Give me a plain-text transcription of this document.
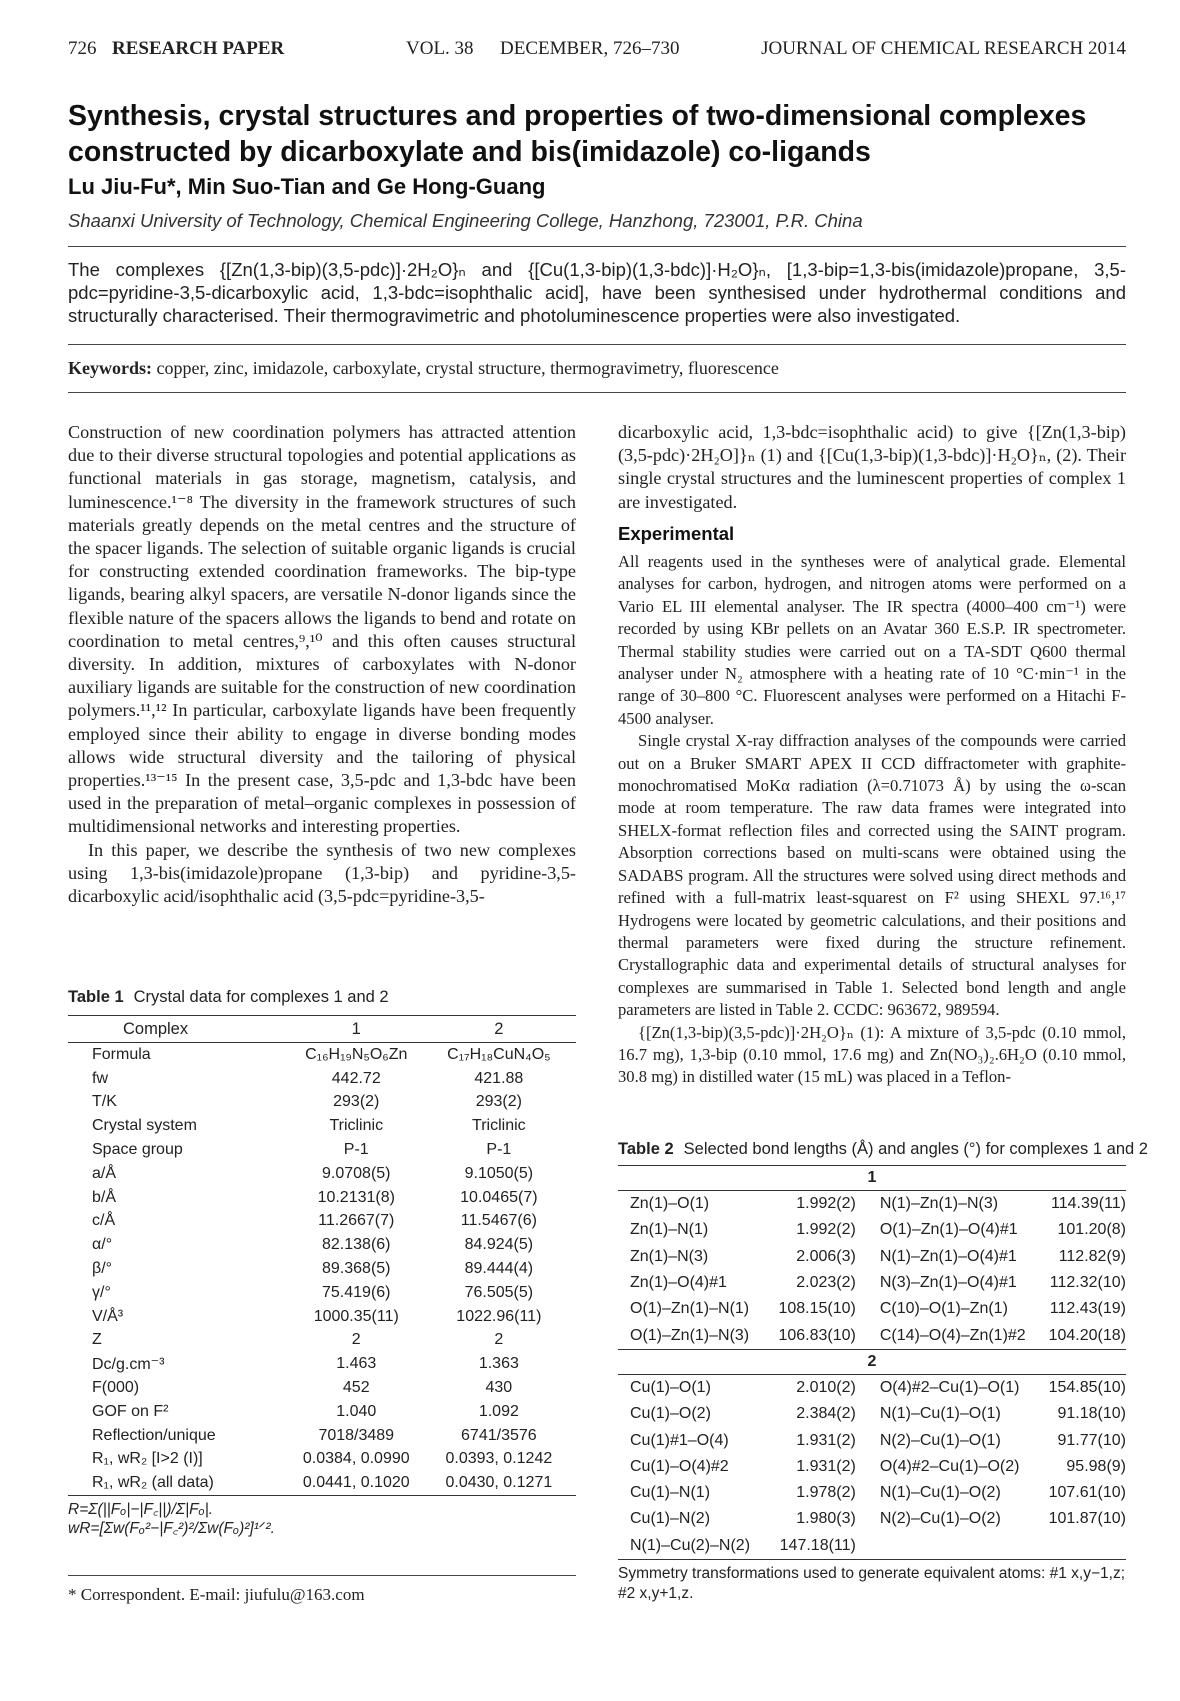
726 RESEARCH PAPER	VOL. 38 DECEMBER, 726–730	JOURNAL OF CHEMICAL RESEARCH 2014
Synthesis, crystal structures and properties of two-dimensional complexes constructed by dicarboxylate and bis(imidazole) co-ligands
Lu Jiu-Fu*, Min Suo-Tian and Ge Hong-Guang
Shaanxi University of Technology, Chemical Engineering College, Hanzhong, 723001, P.R. China

The complexes {[Zn(1,3-bip)(3,5-pdc)]·2H₂O}ₙ and {[Cu(1,3-bip)(1,3-bdc)]·H₂O}ₙ, [1,3-bip=1,3-bis(imidazole)propane, 3,5-pdc=pyridine-3,5-dicarboxylic acid, 1,3-bdc=isophthalic acid], have been synthesised under hydrothermal conditions and structurally characterised. Their thermogravimetric and photoluminescence properties were also investigated.

Keywords: copper, zinc, imidazole, carboxylate, crystal structure, thermogravimetry, fluorescence

Construction of new coordination polymers has attracted attention due to their diverse structural topologies and potential applications as functional materials in gas storage, magnetism, catalysis, and luminescence.¹⁻⁸ The diversity in the framework structures of such materials greatly depends on the metal centres and the structure of the spacer ligands. The selection of suitable organic ligands is crucial for constructing extended coordination frameworks. The bip-type ligands, bearing alkyl spacers, are versatile N-donor ligands since the flexible nature of the spacers allows the ligands to bend and rotate on coordination to metal centres,⁹,¹⁰ and this often causes structural diversity. In addition, mixtures of carboxylates with N-donor auxiliary ligands are suitable for the construction of new coordination polymers.¹¹,¹² In particular, carboxylate ligands have been frequently employed since their ability to engage in diverse bonding modes allows wide structural diversity and the tailoring of physical properties.¹³⁻¹⁵ In the present case, 3,5-pdc and 1,3-bdc have been used in the preparation of metal–organic complexes in possession of multidimensional networks and interesting properties.

In this paper, we describe the synthesis of two new complexes using 1,3-bis(imidazole)propane (1,3-bip) and pyridine-3,5-dicarboxylic acid/isophthalic acid (3,5-pdc=pyridine-3,5-

dicarboxylic acid, 1,3-bdc=isophthalic acid) to give {[Zn(1,3-bip)(3,5-pdc)·2H₂O]}ₙ (1) and {[Cu(1,3-bip)(1,3-bdc)]·H₂O}ₙ, (2). Their single crystal structures and the luminescent properties of complex 1 are investigated.

Experimental

All reagents used in the syntheses were of analytical grade. Elemental analyses for carbon, hydrogen, and nitrogen atoms were performed on a Vario EL III elemental analyser. The IR spectra (4000–400 cm⁻¹) were recorded by using KBr pellets on an Avatar 360 E.S.P. IR spectrometer. Thermal stability studies were carried out on a TA-SDT Q600 thermal analyser under N₂ atmosphere with a heating rate of 10 °C·min⁻¹ in the range of 30–800 °C. Fluorescent analyses were performed on a Hitachi F-4500 analyser.

Single crystal X-ray diffraction analyses of the compounds were carried out on a Bruker SMART APEX II CCD diffractometer with graphite-monochromatised MoKα radiation (λ=0.71073 Å) by using the ω-scan mode at room temperature. The raw data frames were integrated into SHELX-format reflection files and corrected using the SAINT program. Absorption corrections based on multi-scans were obtained using the SADABS program. All the structures were solved using direct methods and refined with a full-matrix least-squarest on F² using SHEXL 97.¹⁶,¹⁷ Hydrogens were located by geometric calculations, and their positions and thermal parameters were fixed during the structure refinement. Crystallographic data and experimental details of structural analyses for complexes are summarised in Table 1. Selected bond length and angle parameters are listed in Table 2. CCDC: 963672, 989594.

{[Zn(1,3-bip)(3,5-pdc)]·2H₂O}ₙ (1): A mixture of 3,5-pdc (0.10 mmol, 16.7 mg), 1,3-bip (0.10 mmol, 17.6 mg) and Zn(NO₃)₂.6H₂O (0.10 mmol, 30.8 mg) in distilled water (15 mL) was placed in a Teflon-

Table 1 Crystal data for complexes 1 and 2
Complex	1	2
Formula	C₁₆H₁₉N₅O₆Zn	C₁₇H₁₈CuN₄O₅
fw	442.72	421.88
T/K	293(2)	293(2)
Crystal system	Triclinic	Triclinic
Space group	P-1	P-1
a/Å	9.0708(5)	9.1050(5)
b/Å	10.2131(8)	10.0465(7)
c/Å	11.2667(7)	11.5467(6)
α/°	82.138(6)	84.924(5)
β/°	89.368(5)	89.444(4)
γ/°	75.419(6)	76.505(5)
V/Å³	1000.35(11)	1022.96(11)
Z	2	2
Dc/g.cm⁻³	1.463	1.363
F(000)	452	430
GOF on F²	1.040	1.092
Reflection/unique	7018/3489	6741/3576
R₁, wR₂ [I>2 (I)]	0.0384, 0.0990	0.0393, 0.1242
R₁, wR₂ (all data)	0.0441, 0.1020	0.0430, 0.1271
R=Σ(||Fₒ|−|F꜀||)/Σ|Fₒ|.
wR=[Σw(Fₒ²−|F꜀²)²/Σw(Fₒ)²]¹ᐟ².
Table 2 Selected bond lengths (Å) and angles (°) for complexes 1 and 2
1			
Zn(1)–O(1)	1.992(2)	N(1)–Zn(1)–N(3)	114.39(11)
Zn(1)–N(1)	1.992(2)	O(1)–Zn(1)–O(4)#1	101.20(8)
Zn(1)–N(3)	2.006(3)	N(1)–Zn(1)–O(4)#1	112.82(9)
Zn(1)–O(4)#1	2.023(2)	N(3)–Zn(1)–O(4)#1	112.32(10)
O(1)–Zn(1)–N(1)	108.15(10)	C(10)–O(1)–Zn(1)	112.43(19)
O(1)–Zn(1)–N(3)	106.83(10)	C(14)–O(4)–Zn(1)#2	104.20(18)
2			
Cu(1)–O(1)	2.010(2)	O(4)#2–Cu(1)–O(1)	154.85(10)
Cu(1)–O(2)	2.384(2)	N(1)–Cu(1)–O(1)	91.18(10)
Cu(1)#1–O(4)	1.931(2)	N(2)–Cu(1)–O(1)	91.77(10)
Cu(1)–O(4)#2	1.931(2)	O(4)#2–Cu(1)–O(2)	95.98(9)
Cu(1)–N(1)	1.978(2)	N(1)–Cu(1)–O(2)	107.61(10)
Cu(1)–N(2)	1.980(3)	N(2)–Cu(1)–O(2)	101.87(10)
N(1)–Cu(2)–N(2)	147.18(11)		
Symmetry transformations used to generate equivalent atoms: #1 x,y−1,z; #2 x,y+1,z.
* Correspondent. E-mail: jiufulu@163.com
